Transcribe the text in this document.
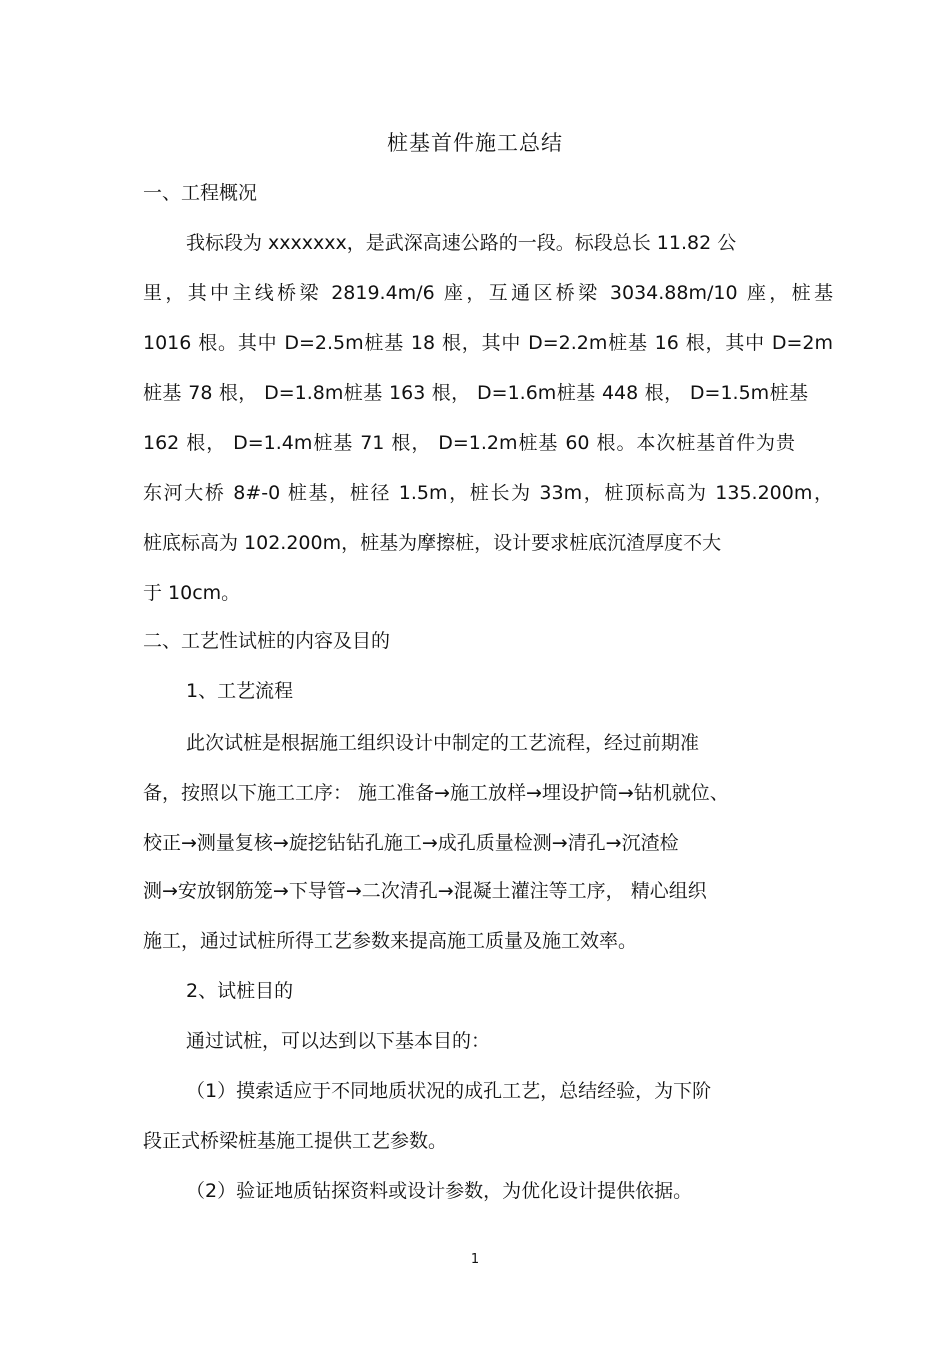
桩基首件施工总结
一、工程概况
我标段为 xxxxxxx，是武深高速公路的一段。标段总长 11.82 公
里，其中主线桥梁 2819.4m/6 座，互通区桥梁 3034.88m/10 座，桩基
1016 根。其中 D=2.5m桩基 18 根，其中 D=2.2m桩基 16 根，其中 D=2m
桩基 78 根， D=1.8m桩基 163 根， D=1.6m桩基 448 根， D=1.5m桩基
162 根， D=1.4m桩基 71 根， D=1.2m桩基 60 根。本次桩基首件为贵
东河大桥 8#-0 桩基，桩径 1.5m，桩长为 33m，桩顶标高为 135.200m，
桩底标高为 102.200m，桩基为摩擦桩，设计要求桩底沉渣厚度不大
于 10cm。
二、工艺性试桩的内容及目的
1、工艺流程
此次试桩是根据施工组织设计中制定的工艺流程，经过前期准
备，按照以下施工工序： 施工准备→施工放样→埋设护筒→钻机就位、
校正→测量复核→旋挖钻钻孔施工→成孔质量检测→清孔→沉渣检
测→安放钢筋笼→下导管→二次清孔→混凝土灌注等工序， 精心组织
施工，通过试桩所得工艺参数来提高施工质量及施工效率。
2、试桩目的
通过试桩，可以达到以下基本目的：
（1）摸索适应于不同地质状况的成孔工艺，总结经验，为下阶
段正式桥梁桩基施工提供工艺参数。
（2）验证地质钻探资料或设计参数，为优化设计提供依据。
1
